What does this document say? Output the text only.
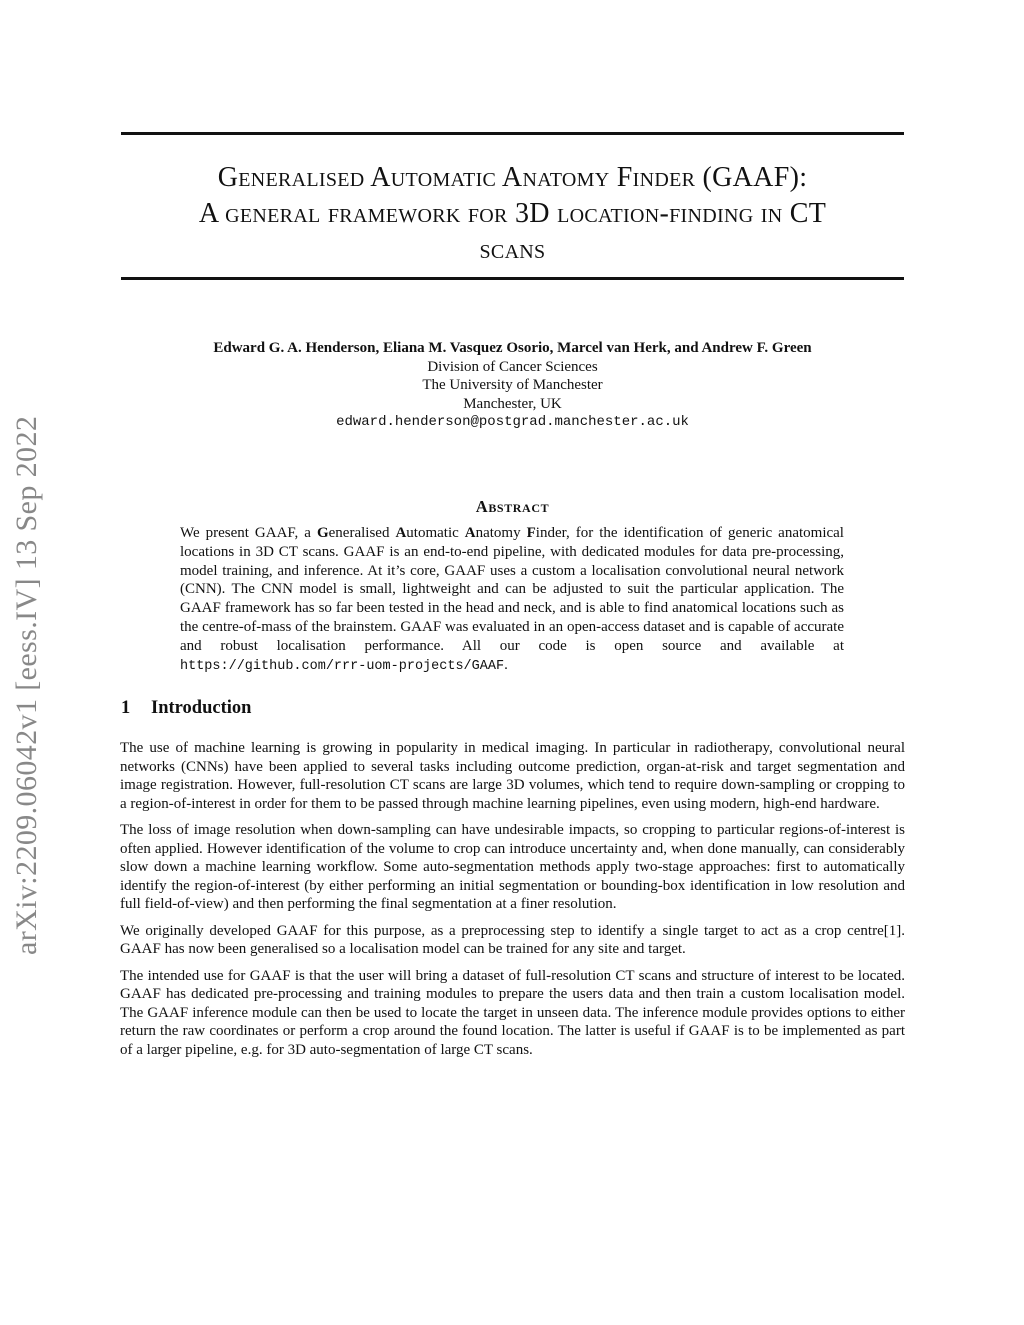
arXiv:2209.06042v1 [eess.IV] 13 Sep 2022
Generalised Automatic Anatomy Finder (GAAF):
A general framework for 3D location-finding in CT
scans
Edward G. A. Henderson, Eliana M. Vasquez Osorio, Marcel van Herk, and Andrew F. Green
Division of Cancer Sciences
The University of Manchester
Manchester, UK
edward.henderson@postgrad.manchester.ac.uk
Abstract
We present GAAF, a Generalised Automatic Anatomy Finder, for the identification of generic anatomical locations in 3D CT scans. GAAF is an end-to-end pipeline, with dedicated modules for data pre-processing, model training, and inference. At it’s core, GAAF uses a custom a localisation convolutional neural network (CNN). The CNN model is small, lightweight and can be adjusted to suit the particular application. The GAAF framework has so far been tested in the head and neck, and is able to find anatomical locations such as the centre-of-mass of the brainstem. GAAF was evaluated in an open-access dataset and is capable of accurate and robust localisation performance. All our code is open source and available at https://github.com/rrr-uom-projects/GAAF.
1 Introduction

The use of machine learning is growing in popularity in medical imaging. In particular in radiotherapy, convolutional neural networks (CNNs) have been applied to several tasks including outcome prediction, organ-at-risk and target segmentation and image registration. However, full-resolution CT scans are large 3D volumes, which tend to require down-sampling or cropping to a region-of-interest in order for them to be passed through machine learning pipelines, even using modern, high-end hardware.

The loss of image resolution when down-sampling can have undesirable impacts, so cropping to particular regions-of-interest is often applied. However identification of the volume to crop can introduce uncertainty and, when done manually, can considerably slow down a machine learning workflow. Some auto-segmentation methods apply two-stage approaches: first to automatically identify the region-of-interest (by either performing an initial segmentation or bounding-box identification in low resolution and full field-of-view) and then performing the final segmentation at a finer resolution.

We originally developed GAAF for this purpose, as a preprocessing step to identify a single target to act as a crop centre[1]. GAAF has now been generalised so a localisation model can be trained for any site and target.

The intended use for GAAF is that the user will bring a dataset of full-resolution CT scans and structure of interest to be located. GAAF has dedicated pre-processing and training modules to prepare the users data and then train a custom localisation model. The GAAF inference module can then be used to locate the target in unseen data. The inference module provides options to either return the raw coordinates or perform a crop around the found location. The latter is useful if GAAF is to be implemented as part of a larger pipeline, e.g. for 3D auto-segmentation of large CT scans.
